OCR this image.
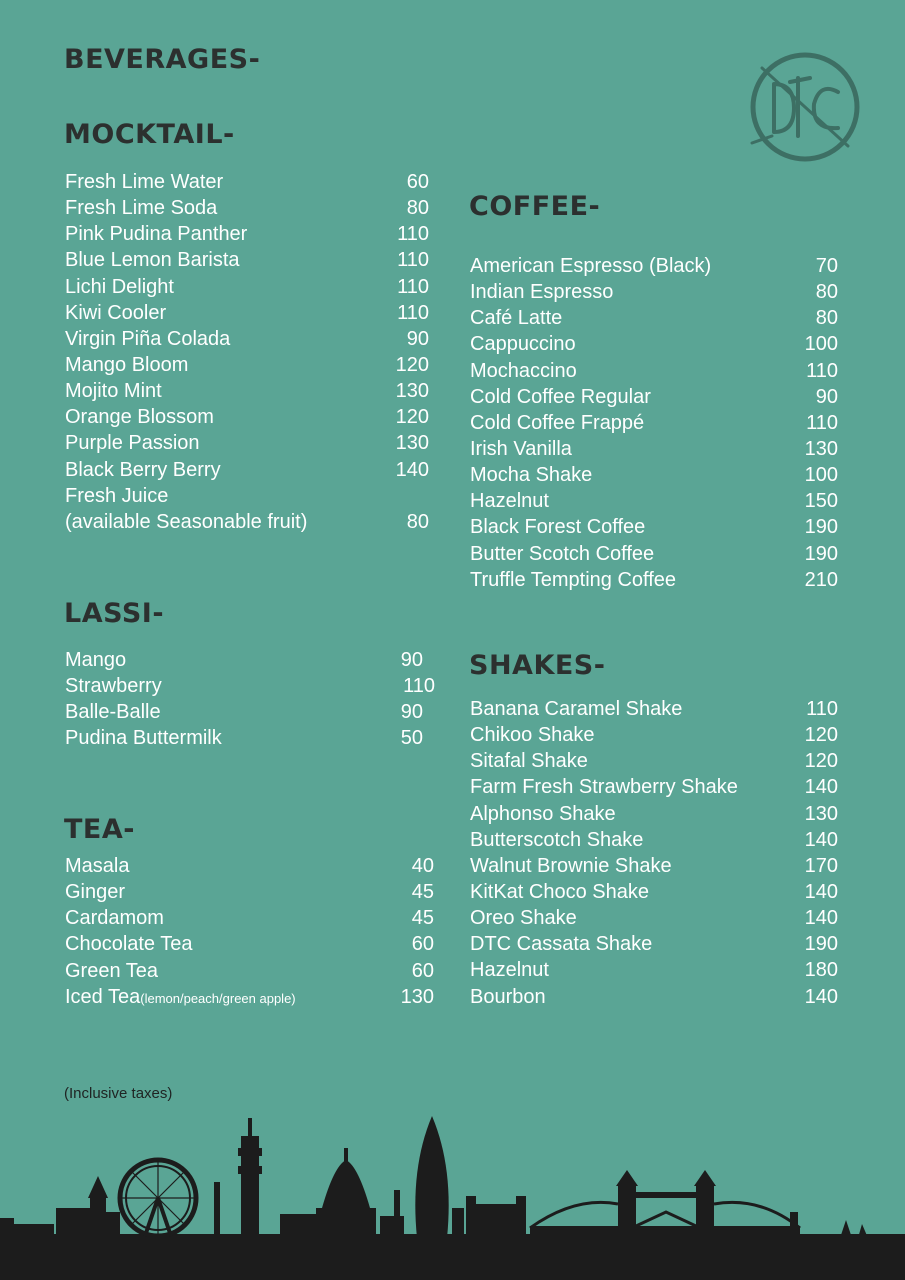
BEVERAGES-
MOCKTAIL-
Fresh Lime Water	60
Fresh Lime Soda	80
Pink Pudina Panther	110
Blue Lemon Barista	110
Lichi Delight	110
Kiwi Cooler	110
Virgin Piña Colada	90
Mango Bloom	120
Mojito Mint	130
Orange Blossom	120
Purple Passion	130
Black Berry Berry	140
Fresh Juice
(available Seasonable fruit)	80
LASSI-
Mango	90
Strawberry	110
Balle-Balle	90
Pudina Buttermilk	50
TEA-
Masala	40
Ginger	45
Cardamom	45
Chocolate Tea	60
Green Tea	60
Iced Tea(lemon/peach/green apple)	130
COFFEE-
American Espresso (Black)	70
Indian Espresso	80
Café Latte	80
Cappuccino	100
Mochaccino	110
Cold Coffee Regular	90
Cold Coffee Frappé	110
Irish Vanilla	130
Mocha Shake	100
Hazelnut	150
Black Forest Coffee	190
Butter Scotch Coffee	190
Truffle Tempting Coffee	210
SHAKES-
Banana Caramel Shake	110
Chikoo Shake	120
Sitafal Shake	120
Farm Fresh Strawberry Shake	140
Alphonso Shake	130
Butterscotch Shake	140
Walnut Brownie Shake	170
KitKat Choco Shake	140
Oreo Shake	140
DTC Cassata Shake	190
Hazelnut	180
Bourbon	140

(Inclusive taxes)
